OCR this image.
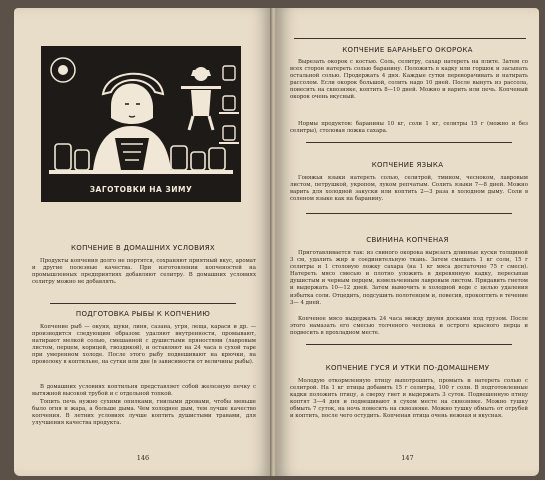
ЗАГОТОВКИ НА ЗИМУ
КОПЧЕНИЕ В ДОМАШНИХ УСЛОВИЯХ

Продукты копчения долго не портятся, сохраняют приятный вкус, аромат и другие полезные качества. При изготовлении копченостей на промышленных предприятиях добавляют селитру. В домашних условиях селитру можно не добавлять.

ПОДГОТОВКА РЫБЫ К КОПЧЕНИЮ

Копчение рыб — окуня, щуки, линя, сазана, угря, леща, караси и др. — производится следующим образом: удаляют внутренности, промывают, натирают мелкой солью, смешанной с душистыми пряностями (лавровым листом, перцем, корицей, гвоздикой), и оставляют на 24 часа в сухой таре при умеренном холоде. После этого рыбу подвешивают на крючки, на проволоку в коптильне, на сутки или две (в зависимости от величины рыбы).

В домашних условиях коптильня представляет собой железную печку с вытяжной высокой трубой и с отдельной топкой.

Топить печь нужно сухими опилками, гнилыми дровами, чтобы меньше было огня и жара, а больше дыма. Чем холоднее дым, тем лучше качество копчения. В летних условиях лучше коптить душистыми травами, для улучшения качества продукта.

146
КОПЧЕНИЕ БАРАНЬЕГО ОКОРОКА

Вырезать окорок с костью. Соль, селитру, сахар натереть на плите. Затем со всех сторон натереть солью баранину. Положить в кадку или горшок и засыпать остальной солью. Продержать 4 дня. Каждые сутки переворачивать и натирать рассолом. Если окорок большой, солить надо 10 дней. После вынуть из рассола, повесить на сквозняке, коптить 8—10 дней. Можно и варить или печь. Копченый окорок очень вкусный.

Нормы продуктов: баранины 10 кг, соли 1 кг, селитры 15 г (можно и без селитры), столовая ложка сахара.

КОПЧЕНИЕ ЯЗЫКА

Говяжьи языки натереть солью, селитрой, тмином, чесноком, лавровым листом, петрушкой, укропом, луком репчатым. Солить языки 7—8 дней. Можно варить для холодной закуски или коптить 2—3 раза в холодном дыму. Соли в соленом языке как на баранину.

СВИНИНА КОПЧЕНАЯ

Приготавливается так: из свиного окорока вырезать длинные куски толщиной 3 см, удалить жир и соединительную ткань. Затем смешать 1 кг соли, 15 г селитры и 1 столовую ложку сахара (на 1 кг мяса достаточно 75 г смеси). Натереть мясо смесью и плотно уложить в деревянную кадку, пересыпав душистым и черным перцем, измельченным лавровым листом. Придавить гнетом и выдержать 10—12 дней. Затем вымочить в холодной воде с целью удаления избытка соли. Отцедить, подсушить полотенцем и, повесив, прокоптить в течение 3— 4 дней.

Копченое мясо выдержать 24 часа между двумя досками под грузом. После этого намазать его смесью толченого чеснока и острого красного перца и подвесить в прохладном месте.

КОПЧЕНИЕ ГУСЯ И УТКИ ПО-ДОМАШНЕМУ

Молодую откормленную птицу выпотрошить, промыть и натереть солью с селитрой. На 1 кг птицы добавить 15 г селитры, 100 г соли. В подготовленные кадки положить птицу, а сверху гнет и выдержать 3 суток. Подвешенную птицу коптят 3—4 дня и подвешивают в сухом месте на сквозняке. Можно тушку обмыть 7 суток, на ночь повесить на сквозняке. Можно тушку обмыть от отрубей и коптить, после чего остудить. Копченая птица очень нежная и вкусная.

147
